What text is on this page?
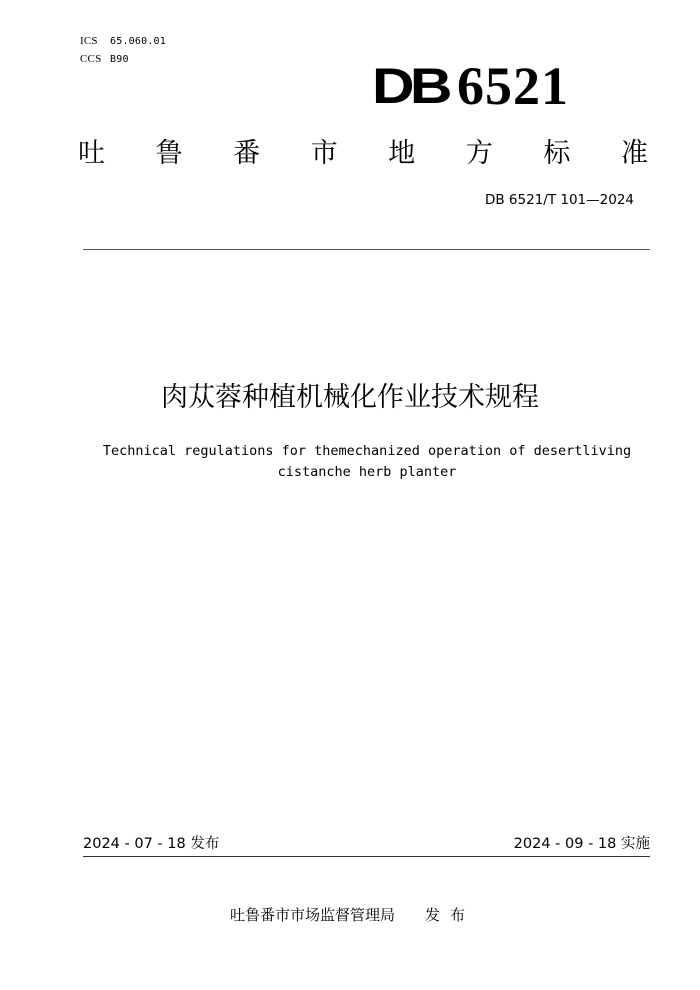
ICS 65.060.01
CCS B90	DB 6521
吐 鲁 番 市 地 方 标 准
DB 6521/T 101—2024
肉苁蓉种植机械化作业技术规程
Technical regulations for themechanized operation of desertliving
cistanche herb planter
2024 - 07 - 18 发布	2024 - 09 - 18 实施
吐鲁番市市场监督管理局 发布
